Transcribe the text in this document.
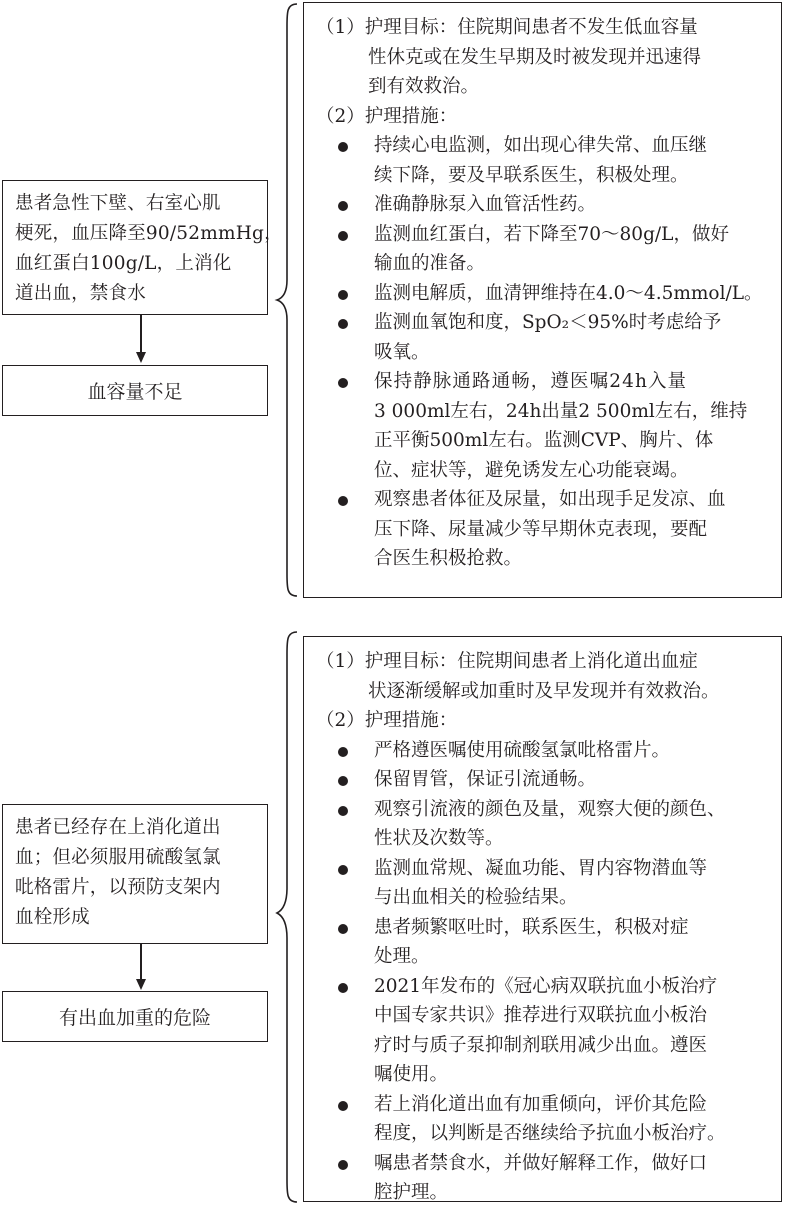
患者急性下壁、右室心肌
梗死，血压降至90/52mmHg，
血红蛋白100g/L，上消化
道出血，禁食水
血容量不足
（1）护理目标：住院期间患者不发生低血容量
性休克或在发生早期及时被发现并迅速得
到有效救治。
（2）护理措施：
持续心电监测，如出现心律失常、血压继
续下降，要及早联系医生，积极处理。
准确静脉泵入血管活性药。
监测血红蛋白，若下降至70～80g/L，做好
输血的准备。
监测电解质，血清钾维持在4.0～4.5mmol/L。
监测血氧饱和度，SpO₂＜95%时考虑给予
吸氧。
保持静脉通路通畅，遵医嘱24h入量
3 000ml左右，24h出量2 500ml左右，维持
正平衡500ml左右。监测CVP、胸片、体
位、症状等，避免诱发左心功能衰竭。
观察患者体征及尿量，如出现手足发凉、血
压下降、尿量减少等早期休克表现，要配
合医生积极抢救。
患者已经存在上消化道出
血；但必须服用硫酸氢氯
吡格雷片，以预防支架内
血栓形成
有出血加重的危险
（1）护理目标：住院期间患者上消化道出血症
状逐渐缓解或加重时及早发现并有效救治。
（2）护理措施：
严格遵医嘱使用硫酸氢氯吡格雷片。
保留胃管，保证引流通畅。
观察引流液的颜色及量，观察大便的颜色、
性状及次数等。
监测血常规、凝血功能、胃内容物潜血等
与出血相关的检验结果。
患者频繁呕吐时，联系医生，积极对症
处理。
2021年发布的《冠心病双联抗血小板治疗
中国专家共识》推荐进行双联抗血小板治
疗时与质子泵抑制剂联用减少出血。遵医
嘱使用。
若上消化道出血有加重倾向，评价其危险
程度，以判断是否继续给予抗血小板治疗。
嘱患者禁食水，并做好解释工作，做好口
腔护理。
